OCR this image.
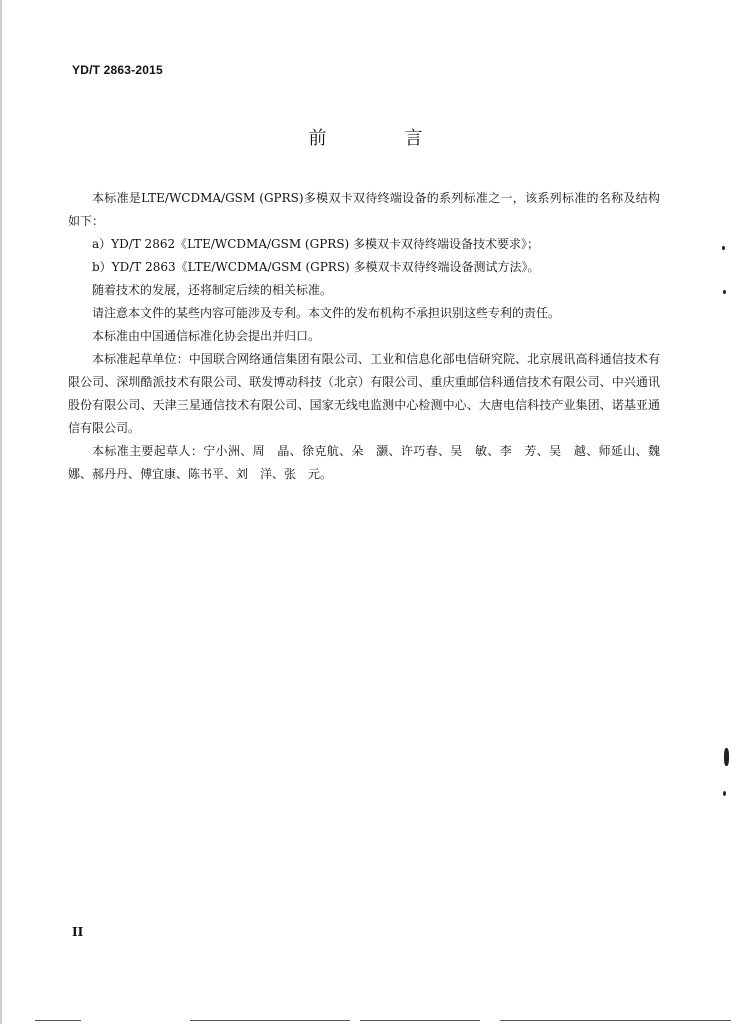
YD/T 2863-2015
前　言

本标准是LTE/WCDMA/GSM (GPRS)多模双卡双待终端设备的系列标准之一，该系列标准的名称及结构如下：

a）YD/T 2862《LTE/WCDMA/GSM (GPRS) 多模双卡双待终端设备技术要求》；

b）YD/T 2863《LTE/WCDMA/GSM (GPRS) 多模双卡双待终端设备测试方法》。

随着技术的发展，还将制定后续的相关标准。

请注意本文件的某些内容可能涉及专利。本文件的发布机构不承担识别这些专利的责任。

本标准由中国通信标准化协会提出并归口。

本标准起草单位：中国联合网络通信集团有限公司、工业和信息化部电信研究院、北京展讯高科通信技术有限公司、深圳酷派技术有限公司、联发博动科技（北京）有限公司、重庆重邮信科通信技术有限公司、中兴通讯股份有限公司、天津三星通信技术有限公司、国家无线电监测中心检测中心、大唐电信科技产业集团、诺基亚通信有限公司。

本标准主要起草人：宁小洲、周　晶、徐克航、朵　灏、许巧春、吴　敏、李　芳、吴　越、师延山、魏　娜、郝丹丹、傅宜康、陈书平、刘　洋、张　元。

II
